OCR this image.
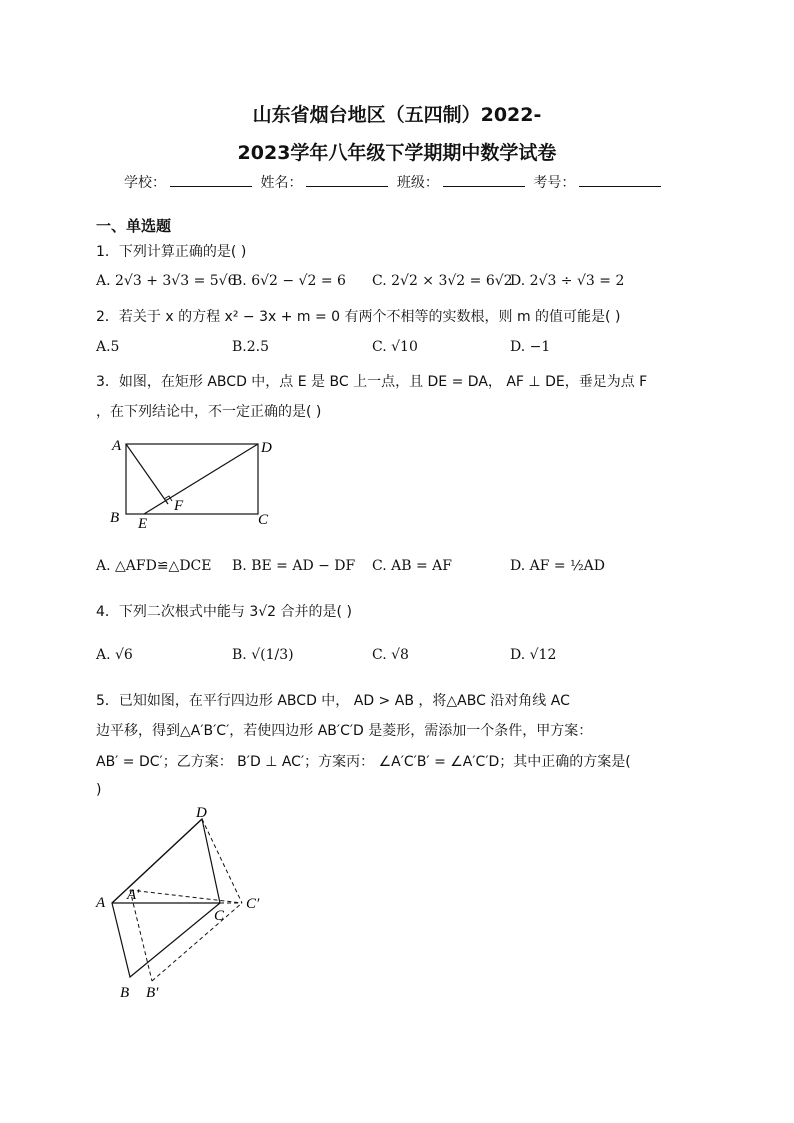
山东省烟台地区（五四制）2022-
2023学年八年级下学期期中数学试卷
学校：	姓名：	班级：	考号：
一、单选题
1．下列计算正确的是( )
A. 2√3 + 3√3 = 5√6
B. 6√2 − √2 = 6 C. 2√2 × 3√2 = 6√2
D. 2√3 ÷ √3 = 2
2．若关于 x 的方程 x² − 3x + m = 0 有两个不相等的实数根，则 m 的值可能是( )
A.5	B.2.5	C. √10	D. −1
3．如图，在矩形 ABCD 中，点 E 是 BC 上一点，且 DE = DA， AF ⊥ DE，垂足为点 F
，在下列结论中，不一定正确的是( )
A	D
B E
F
C
A. △AFD≌△DCE B. BE = AD − DF C. AB = AF	D. AF = ½AD
4．下列二次根式中能与 3√2 合并的是( )
A. √6	B. √(1/3)	C. √8	D. √12
5．已知如图，在平行四边形 ABCD 中， AD > AB ，将△ABC 沿对角线 AC
边平移，得到△A′B′C′，若使四边形 AB′C′D 是菱形，需添加一个条件，甲方案：
AB′ = DC′；乙方案： B′D ⊥ AC′；方案丙： ∠A′C′B′ = ∠A′C′D；其中正确的方案是(
)
D
A A′
C
C′
B B′
